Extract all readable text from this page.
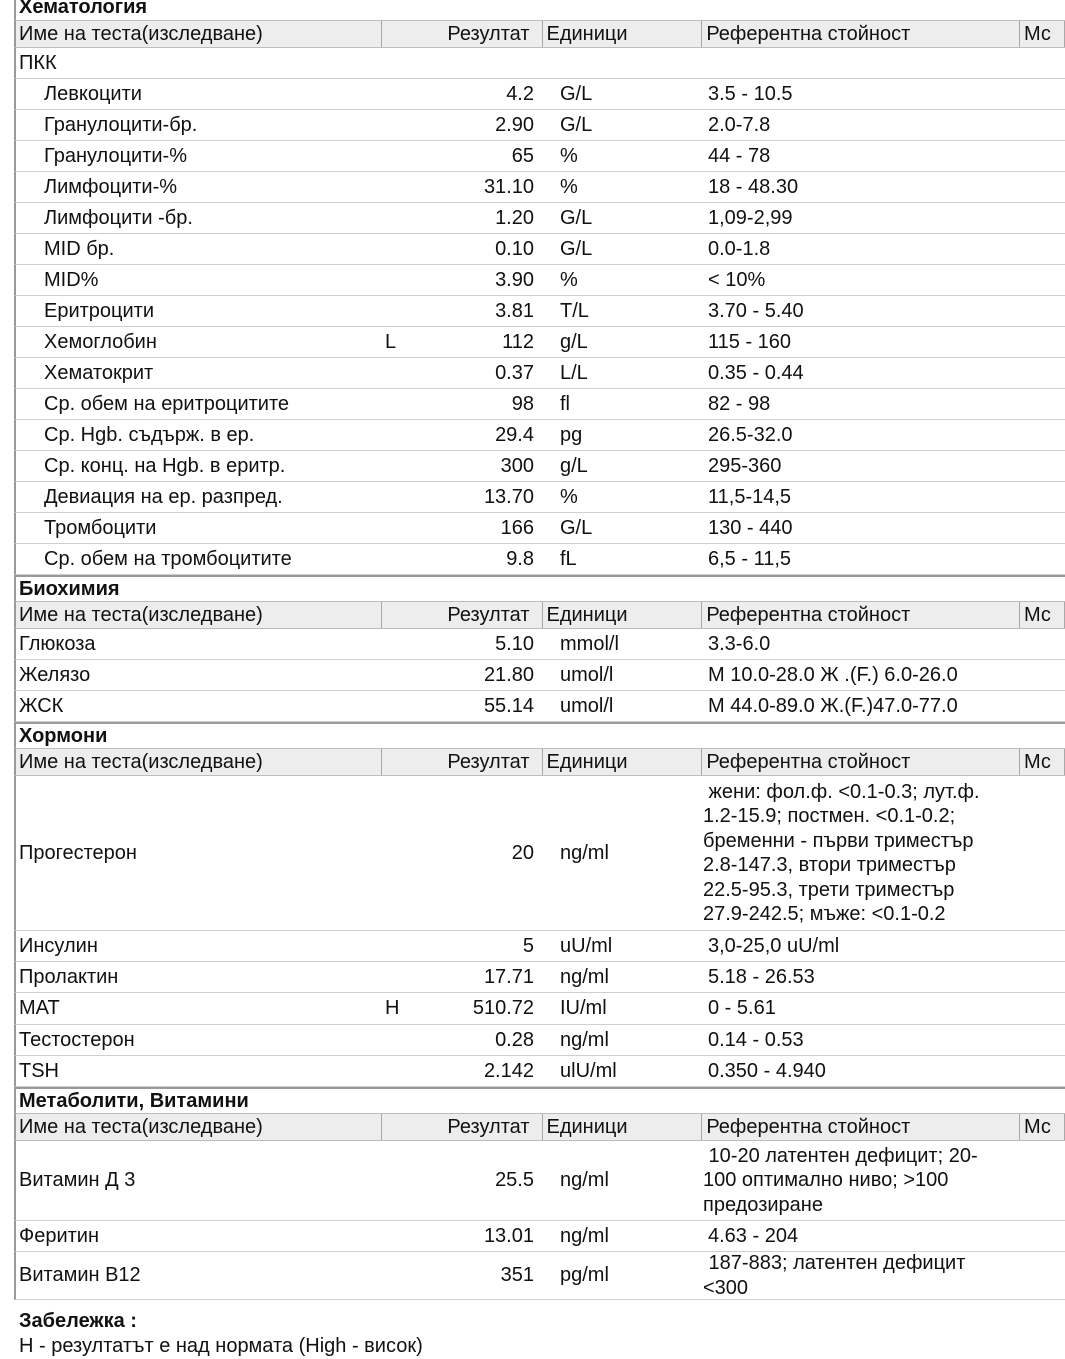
Хематология
Име на теста(изследване)	Резултат Единици	Референтна стойност	Мс
ПКК
Левкоцити	4.2	G/L	3.5 - 10.5
Гранулоцити-бр.	2.90	G/L	2.0-7.8
Гранулоцити-%	65	%	44 - 78
Лимфоцити-%	31.10	%	18 - 48.30
Лимфоцити -бр.	1.20	G/L	1,09-2,99
MID бр.	0.10	G/L	0.0-1.8
MID%	3.90	%	< 10%
Еритроцити	3.81	T/L	3.70 - 5.40
Хемоглобин	L	112	g/L	115 - 160
Хематокрит	0.37	L/L	0.35 - 0.44
Ср. обем на еритроцитите	98	fl	82 - 98
Ср. Hgb. съдърж. в ер.	29.4	pg	26.5-32.0
Ср. конц. на Hgb. в еритр.	300	g/L	295-360
Девиация на ер. разпред.	13.70	%	11,5-14,5
Тромбоцити	166	G/L	130 - 440
Ср. обем на тромбоцитите	9.8	fL	6,5 - 11,5
Биохимия
Име на теста(изследване)	Резултат Единици	Референтна стойност	Мс
Глюкоза	5.10	mmol/l	3.3-6.0
Желязо	21.80	umol/l	М 10.0-28.0 Ж .(F.) 6.0-26.0
ЖСК	55.14	umol/l	М 44.0-89.0 Ж.(F.)47.0-77.0
Хормони
Име на теста(изследване)	Резултат Единици	Референтна стойност	Мс
Прогестерон	20	ng/ml
жени: фол.ф. <0.1-0.3; лут.ф.
1.2-15.9; постмен. <0.1-0.2;
бременни - първи триместър
2.8-147.3, втори триместър
22.5-95.3, трети триместър
27.9-242.5; мъже: <0.1-0.2
Инсулин	5	uU/ml	3,0-25,0 uU/ml
Пролактин	17.71	ng/ml	5.18 - 26.53
MAT	H	510.72	IU/ml	0 - 5.61
Тестостерон	0.28	ng/ml	0.14 - 0.53
TSH	2.142	ulU/ml	0.350 - 4.940
Метаболити, Витамини
Име на теста(изследване)	Резултат Единици	Референтна стойност	Мс
Витамин Д 3	25.5	ng/ml
10-20 латентен дефицит; 20-
100 оптимално ниво; >100
предозиране
Феритин	13.01	ng/ml	4.63 - 204
Витамин B12	351	pg/ml
187-883; латентен дефицит
<300
Забележка :
Н - резултатът е над нормата (High - висок)
